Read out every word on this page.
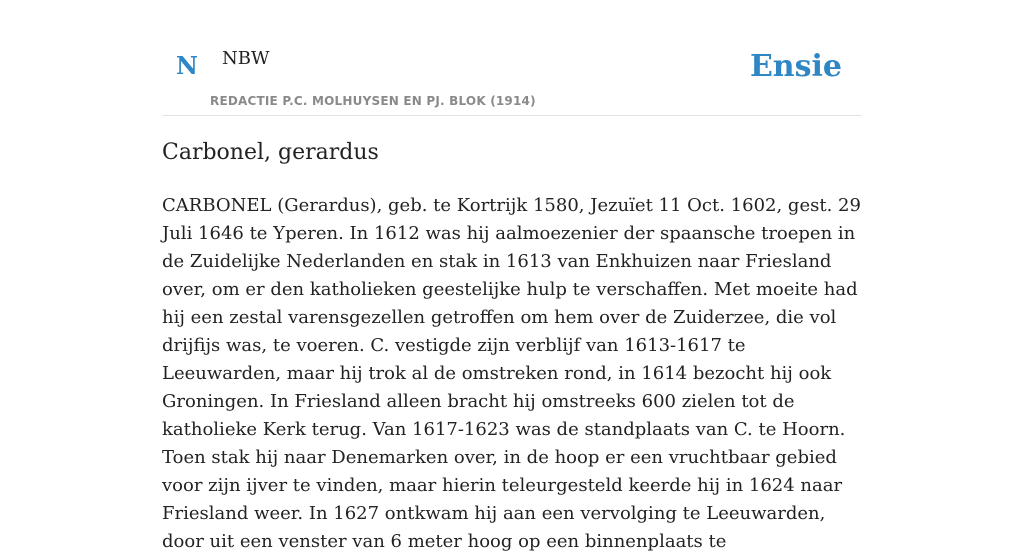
N NBW
REDACTIE P.C. MOLHUYSEN EN PJ. BLOK (1914)
Ensie
Carbonel, gerardus

CARBONEL (Gerardus), geb. te Kortrijk 1580, Jezuïet 11 Oct. 1602, gest. 29 Juli 1646 te Yperen. In 1612 was hij aalmoezenier der spaansche troepen in de Zuidelijke Nederlanden en stak in 1613 van Enkhuizen naar Friesland over, om er den katholieken geestelijke hulp te verschaffen. Met moeite had hij een zestal varensgezellen getroffen om hem over de Zuiderzee, die vol drijfijs was, te voeren. C. vestigde zijn verblijf van 1613-1617 te Leeuwarden, maar hij trok al de omstreken rond, in 1614 bezocht hij ook Groningen. In Friesland alleen bracht hij omstreeks 600 zielen tot de katholieke Kerk terug. Van 1617-1623 was de standplaats van C. te Hoorn. Toen stak hij naar Denemarken over, in de hoop er een vruchtbaar gebied voor zijn ijver te vinden, maar hierin teleurgesteld keerde hij in 1624 naar Friesland weer. In 1627 ontkwam hij aan een vervolging te Leeuwarden, door uit een venster van 6 meter hoog op een binnenplaats te
